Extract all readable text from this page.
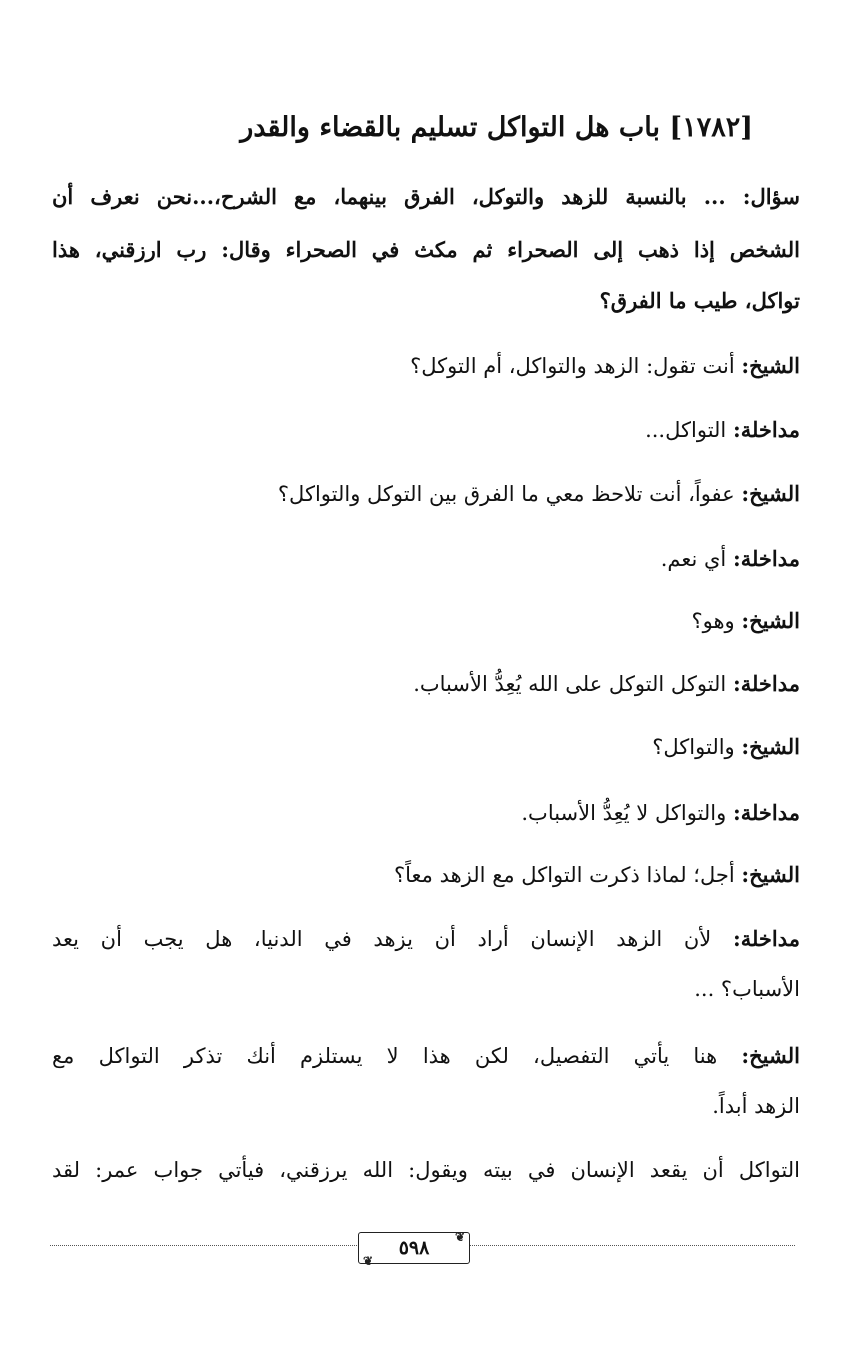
[١٧٨٢] باب هل التواكل تسليم بالقضاء والقدر
سؤال: ... بالنسبة للزهد والتوكل، الفرق بينهما، مع الشرح،...نحن نعرف أن
الشخص إذا ذهب إلى الصحراء ثم مكث في الصحراء وقال: رب ارزقني، هذا
تواكل، طيب ما الفرق؟
الشيخ: أنت تقول: الزهد والتواكل، أم التوكل؟
مداخلة: التواكل...
الشيخ: عفواً، أنت تلاحظ معي ما الفرق بين التوكل والتواكل؟
مداخلة: أي نعم.
الشيخ: وهو؟
مداخلة: التوكل التوكل على الله يُعِدُّ الأسباب.
الشيخ: والتواكل؟
مداخلة: والتواكل لا يُعِدُّ الأسباب.
الشيخ: أجل؛ لماذا ذكرت التواكل مع الزهد معاً؟
مداخلة: لأن الزهد الإنسان أراد أن يزهد في الدنيا، هل يجب أن يعد
الأسباب؟ ...
الشيخ: هنا يأتي التفصيل، لكن هذا لا يستلزم أنك تذكر التواكل مع
الزهد أبداً.
التواكل أن يقعد الإنسان في بيته ويقول: الله يرزقني، فيأتي جواب عمر: لقد
٥٩٨ ❦
❦
